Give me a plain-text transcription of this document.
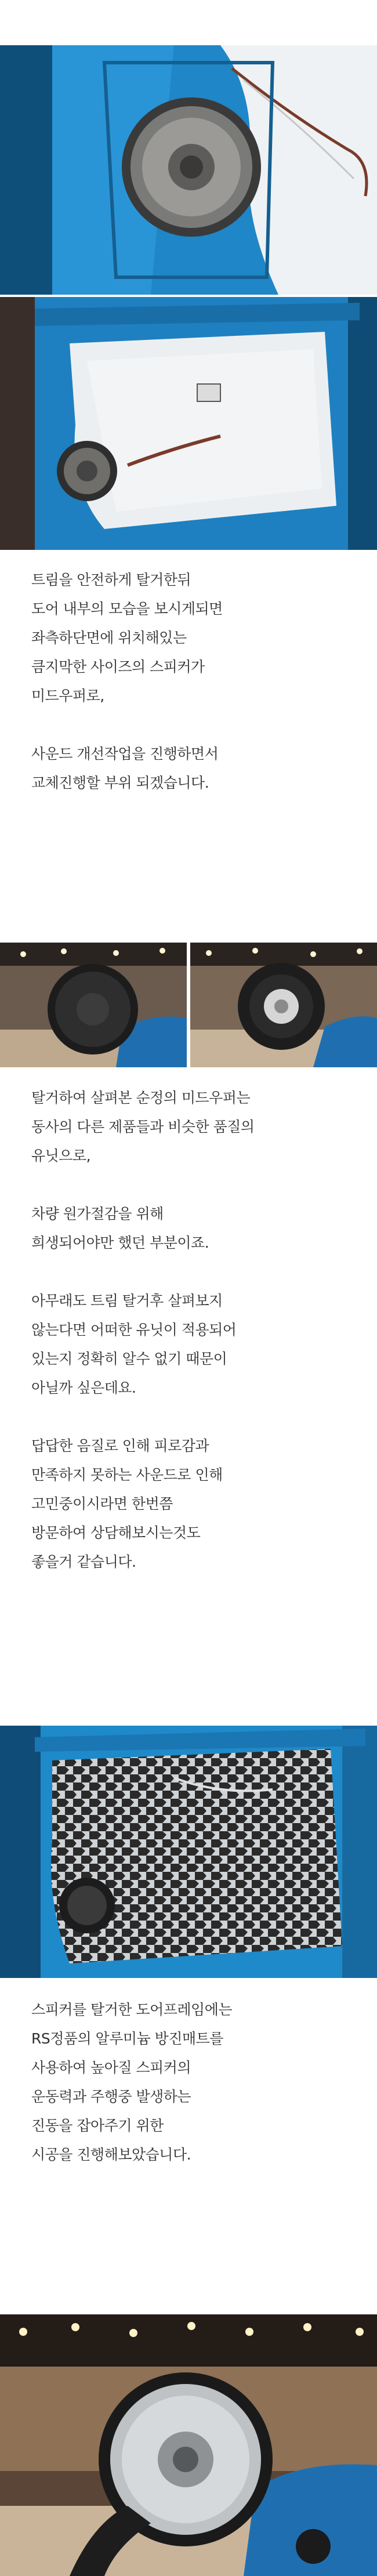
트림을 안전하게 탈거한뒤

도어 내부의 모습을 보시게되면

좌측하단면에 위치해있는

큼지막한 사이즈의 스피커가

미드우퍼로,

사운드 개선작업을 진행하면서

교체진행할 부위 되겠습니다.

탈거하여 살펴본 순정의 미드우퍼는

동사의 다른 제품들과 비슷한 품질의

유닛으로,

차량 원가절감을 위해

희생되어야만 했던 부분이죠.

아무래도 트림 탈거후 살펴보지

않는다면 어떠한 유닛이 적용되어

있는지 정확히 알수 없기 때문이

아닐까 싶은데요.

답답한 음질로 인해 피로감과

만족하지 못하는 사운드로 인해

고민중이시라면 한번쯤

방문하여 상담해보시는것도

좋을거 같습니다.

스피커를 탈거한 도어프레임에는

RS정품의 알루미늄 방진매트를

사용하여 높아질 스피커의

운동력과 주행중 발생하는

진동을 잡아주기 위한

시공을 진행해보았습니다.
